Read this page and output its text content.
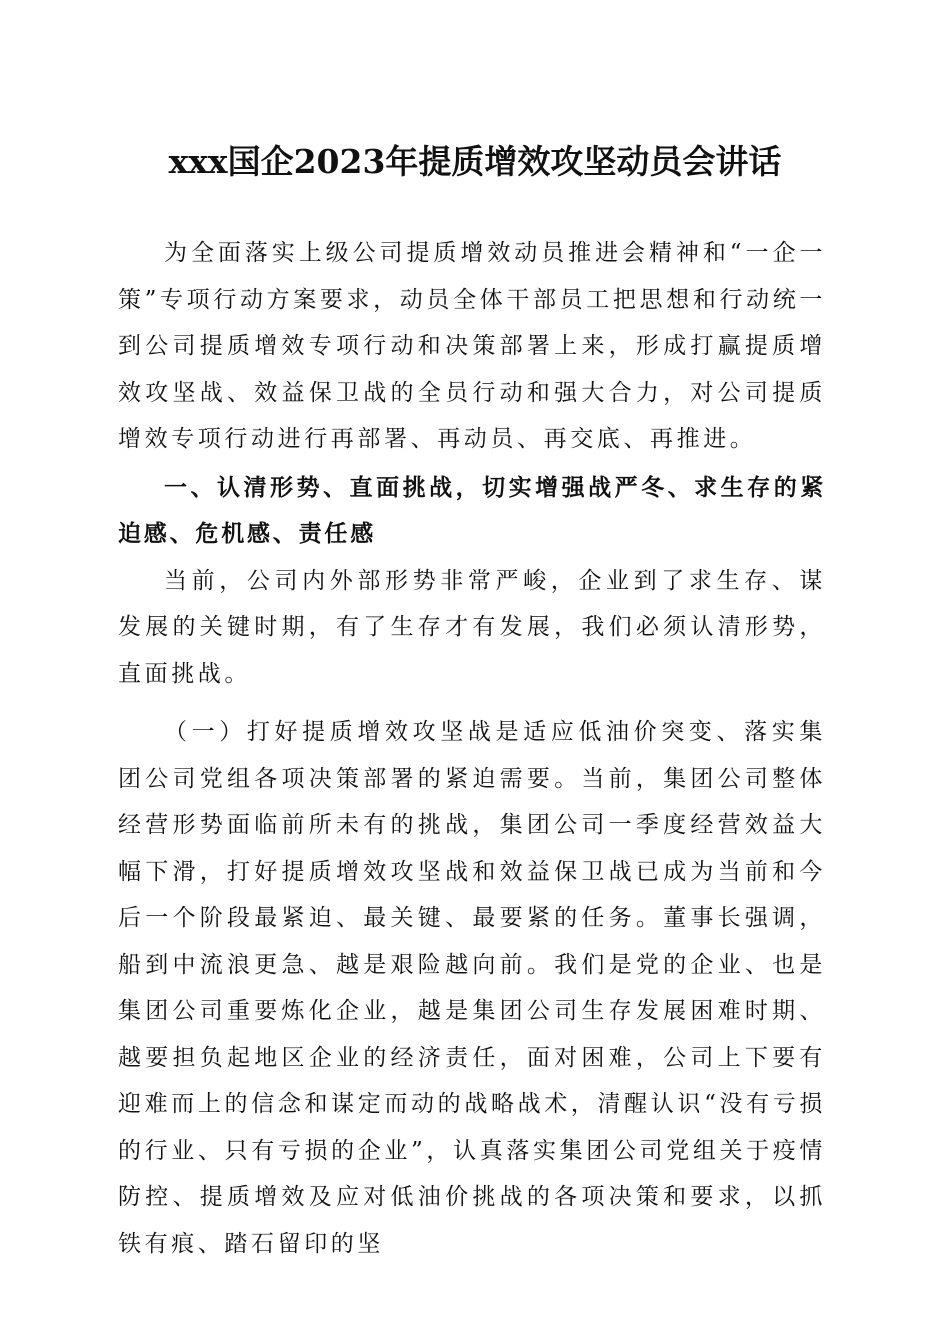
xxx国企2023年提质增效攻坚动员会讲话

为全面落实上级公司提质增效动员推进会精神和“一企一策”专项行动方案要求，动员全体干部员工把思想和行动统一到公司提质增效专项行动和决策部署上来，形成打赢提质增效攻坚战、效益保卫战的全员行动和强大合力，对公司提质增效专项行动进行再部署、再动员、再交底、再推进。

一、认清形势、直面挑战，切实增强战严冬、求生存的紧迫感、危机感、责任感

当前，公司内外部形势非常严峻，企业到了求生存、谋发展的关键时期，有了生存才有发展，我们必须认清形势，直面挑战。

（一）打好提质增效攻坚战是适应低油价突变、落实集团公司党组各项决策部署的紧迫需要。当前，集团公司整体经营形势面临前所未有的挑战，集团公司一季度经营效益大幅下滑，打好提质增效攻坚战和效益保卫战已成为当前和今后一个阶段最紧迫、最关键、最要紧的任务。董事长强调，船到中流浪更急、越是艰险越向前。我们是党的企业、也是集团公司重要炼化企业，越是集团公司生存发展困难时期、越要担负起地区企业的经济责任，面对困难，公司上下要有迎难而上的信念和谋定而动的战略战术，清醒认识“没有亏损的行业、只有亏损的企业”，认真落实集团公司党组关于疫情防控、提质增效及应对低油价挑战的各项决策和要求，以抓铁有痕、踏石留印的坚
